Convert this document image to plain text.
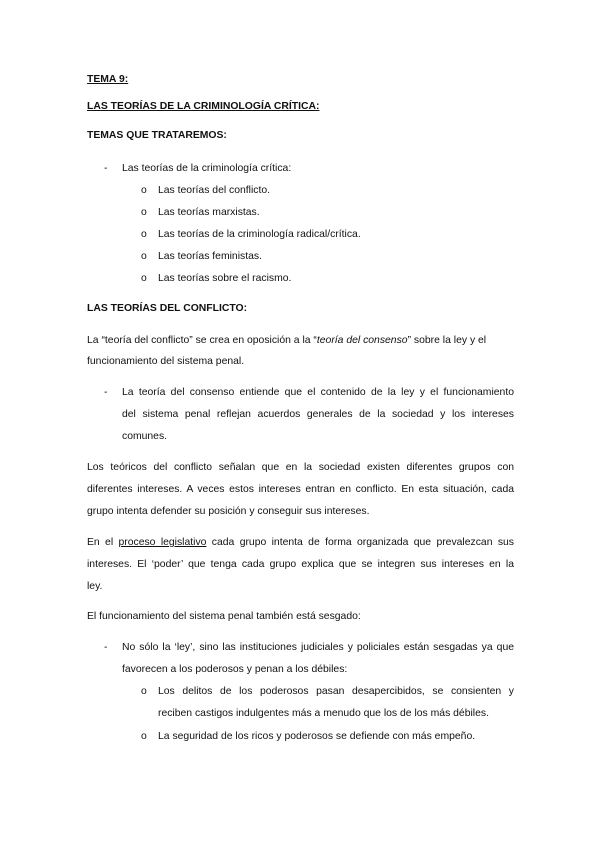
TEMA 9:
LAS TEORÍAS DE LA CRIMINOLOGÍA CRÍTICA:
TEMAS QUE TRATAREMOS:
- Las teorías de la criminología crítica:
o Las teorías del conflicto.
o Las teorías marxistas.
o Las teorías de la criminología radical/crítica.
o Las teorías feministas.
o Las teorías sobre el racismo.
LAS TEORÍAS DEL CONFLICTO:
La “teoría del conflicto” se crea en oposición a la “teoría del consenso” sobre la ley y el
funcionamiento del sistema penal.
- La teoría del consenso entiende que el contenido de la ley y el funcionamiento
del sistema penal reflejan acuerdos generales de la sociedad y los intereses
comunes.
Los teóricos del conflicto señalan que en la sociedad existen diferentes grupos con
diferentes intereses. A veces estos intereses entran en conflicto. En esta situación, cada
grupo intenta defender su posición y conseguir sus intereses.
En el proceso legislativo cada grupo intenta de forma organizada que prevalezcan sus
intereses. El ‘poder’ que tenga cada grupo explica que se integren sus intereses en la
ley.
El funcionamiento del sistema penal también está sesgado:
- No sólo la ‘ley’, sino las instituciones judiciales y policiales están sesgadas ya que
favorecen a los poderosos y penan a los débiles:
o Los delitos de los poderosos pasan desapercibidos, se consienten y
reciben castigos indulgentes más a menudo que los de los más débiles.
o La seguridad de los ricos y poderosos se defiende con más empeño.
